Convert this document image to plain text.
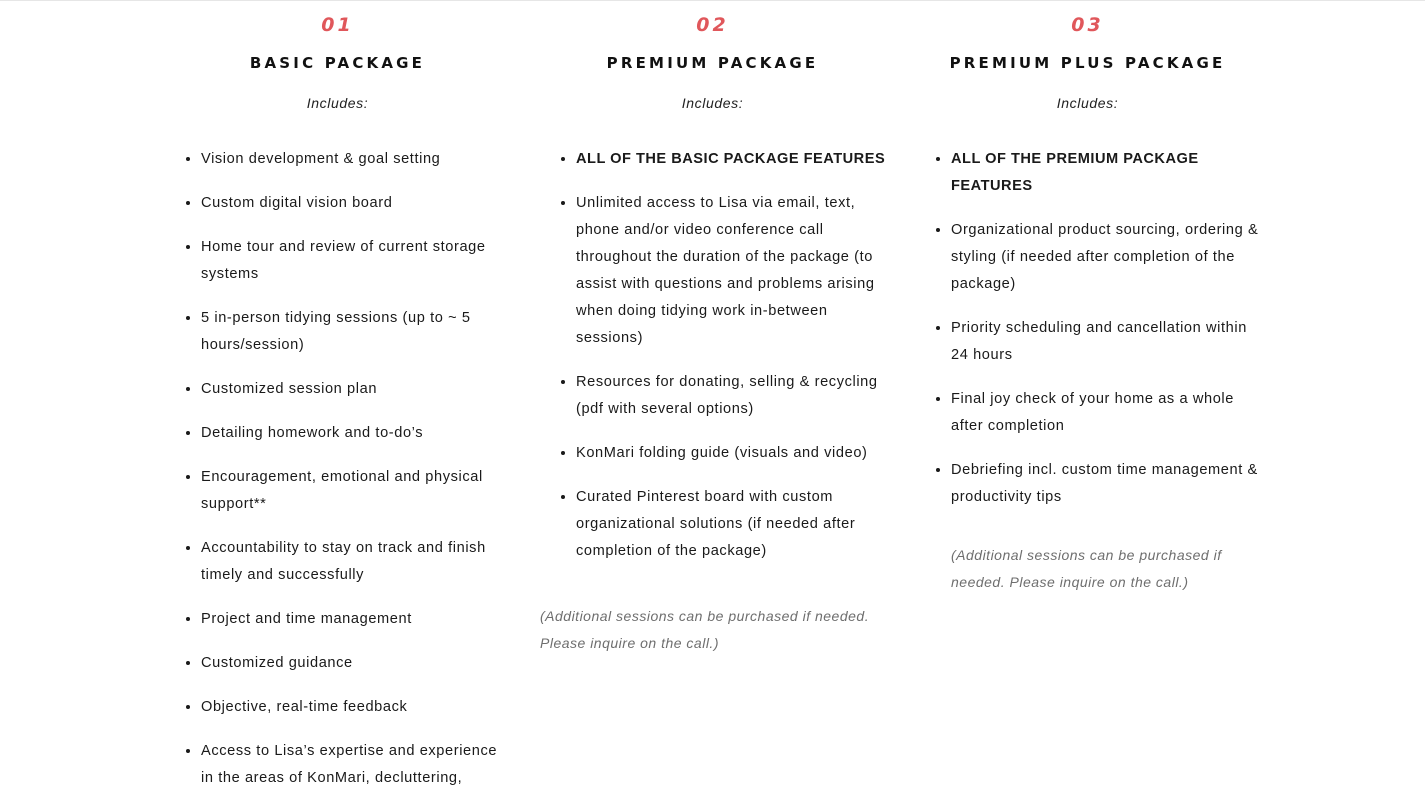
01
BASIC PACKAGE
Includes:
• Vision development & goal setting
• Custom digital vision board
• Home tour and review of current storage systems
• 5 in-person tidying sessions (up to ~ 5 hours/session)
• Customized session plan
• Detailing homework and to-do’s
• Encouragement, emotional and physical support**
• Accountability to stay on track and finish timely and successfully
• Project and time management
• Customized guidance
• Objective, real-time feedback
• Access to Lisa’s expertise and experience in the areas of KonMari, decluttering,
02
PREMIUM PACKAGE
Includes:
• ALL OF THE BASIC PACKAGE FEATURES
• Unlimited access to Lisa via email, text, phone and/or video conference call throughout the duration of the package (to assist with questions and problems arising when doing tidying work in-between sessions)
• Resources for donating, selling & recycling (pdf with several options)
• KonMari folding guide (visuals and video)
• Curated Pinterest board with custom organizational solutions (if needed after completion of the package)
(Additional sessions can be purchased if needed. Please inquire on the call.)
03
PREMIUM PLUS PACKAGE
Includes:
• ALL OF THE PREMIUM PACKAGE FEATURES
• Organizational product sourcing, ordering & styling (if needed after completion of the package)
• Priority scheduling and cancellation within 24 hours
• Final joy check of your home as a whole after completion
• Debriefing incl. custom time management & productivity tips
(Additional sessions can be purchased if needed. Please inquire on the call.)
